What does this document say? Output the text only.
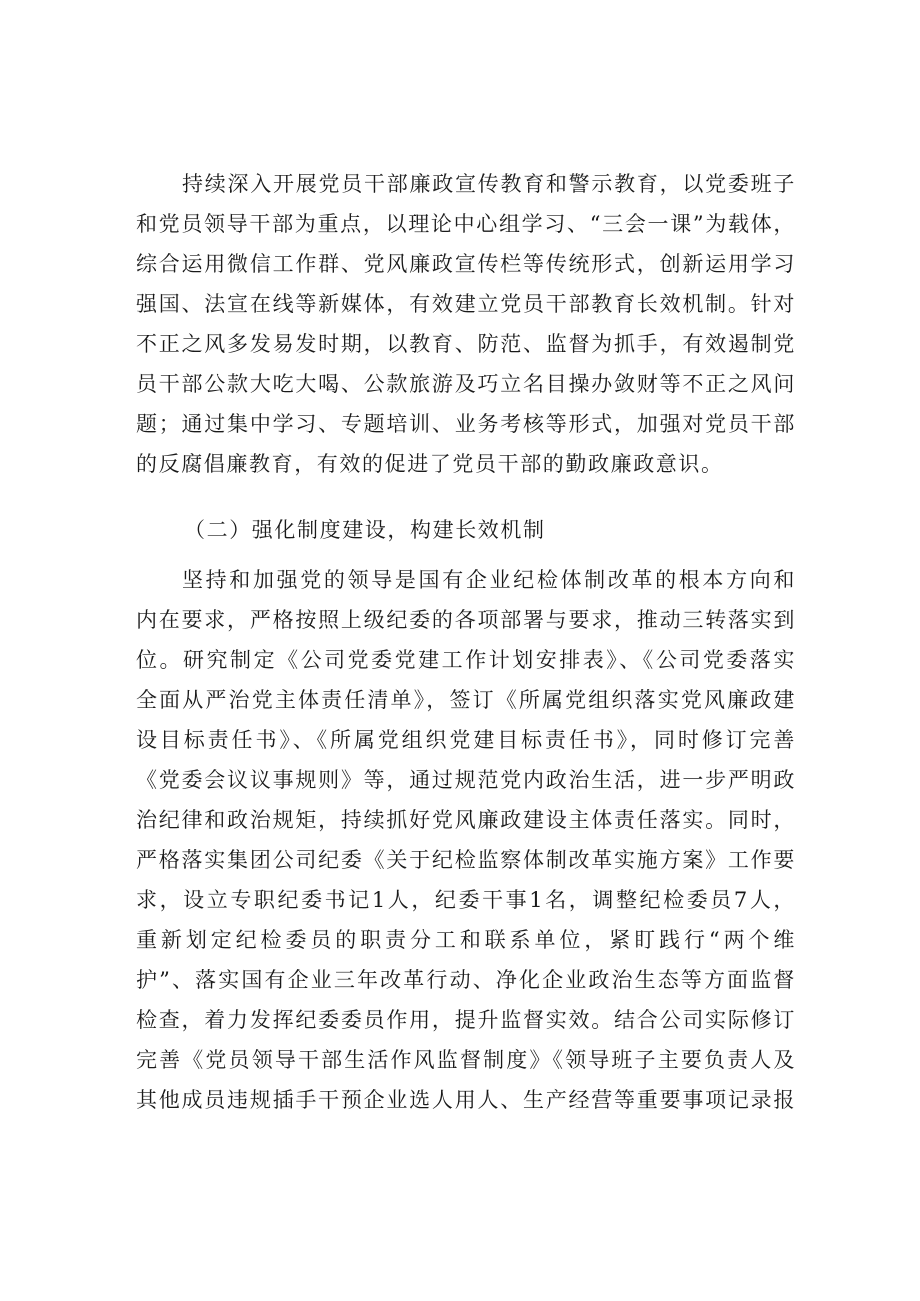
持续深入开展党员干部廉政宣传教育和警示教育，以党委班子
和党员领导干部为重点，以理论中心组学习、“三会一课”为载体，
综合运用微信工作群、党风廉政宣传栏等传统形式，创新运用学习
强国、法宣在线等新媒体，有效建立党员干部教育长效机制。针对
不正之风多发易发时期，以教育、防范、监督为抓手，有效遏制党
员干部公款大吃大喝、公款旅游及巧立名目操办敛财等不正之风问
题；通过集中学习、专题培训、业务考核等形式，加强对党员干部
的反腐倡廉教育，有效的促进了党员干部的勤政廉政意识。
（二）强化制度建设，构建长效机制
坚持和加强党的领导是国有企业纪检体制改革的根本方向和
内在要求，严格按照上级纪委的各项部署与要求，推动三转落实到
位。研究制定《公司党委党建工作计划安排表》、《公司党委落实
全面从严治党主体责任清单》，签订《所属党组织落实党风廉政建
设目标责任书》、《所属党组织党建目标责任书》，同时修订完善
《党委会议议事规则》等，通过规范党内政治生活，进一步严明政
治纪律和政治规矩，持续抓好党风廉政建设主体责任落实。同时，
严格落实集团公司纪委《关于纪检监察体制改革实施方案》工作要
求，设立专职纪委书记1人，纪委干事1名，调整纪检委员7人，
重新划定纪检委员的职责分工和联系单位，紧盯践行“两个维
护”、落实国有企业三年改革行动、净化企业政治生态等方面监督
检查，着力发挥纪委委员作用，提升监督实效。结合公司实际修订
完善《党员领导干部生活作风监督制度》《领导班子主要负责人及
其他成员违规插手干预企业选人用人、生产经营等重要事项记录报
